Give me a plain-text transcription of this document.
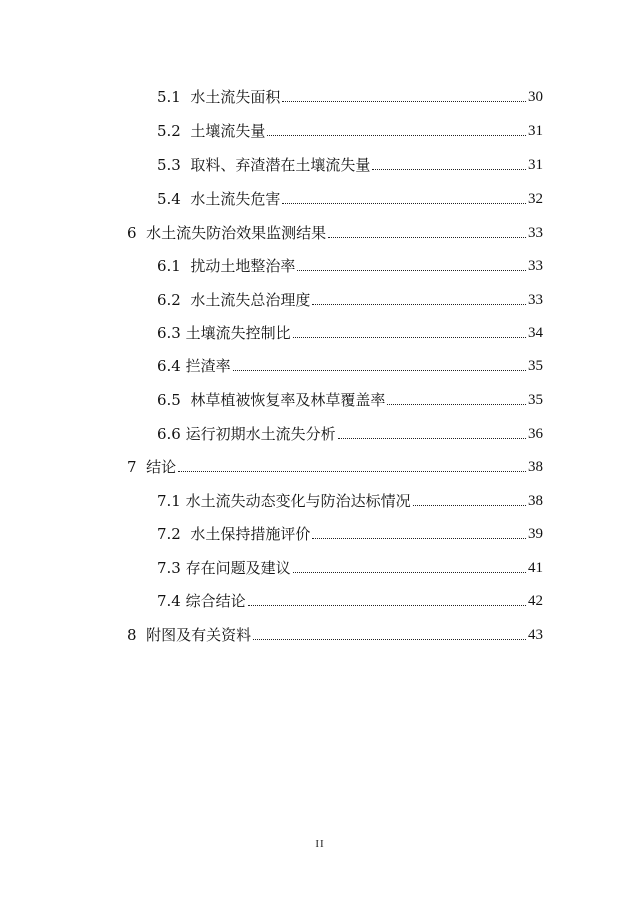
5.1  水土流失面积	30
5.2  土壤流失量	31
5.3  取料、弃渣潜在土壤流失量	31
5.4  水土流失危害	32
6  水土流失防治效果监测结果	33
6.1  扰动土地整治率	33
6.2  水土流失总治理度	33
6.3 土壤流失控制比	34
6.4 拦渣率	35
6.5  林草植被恢复率及林草覆盖率	35
6.6 运行初期水土流失分析	36
7  结论	38
7.1 水土流失动态变化与防治达标情况	38
7.2  水土保持措施评价	39
7.3 存在问题及建议	41
7.4 综合结论	42
8  附图及有关资料	43
II
